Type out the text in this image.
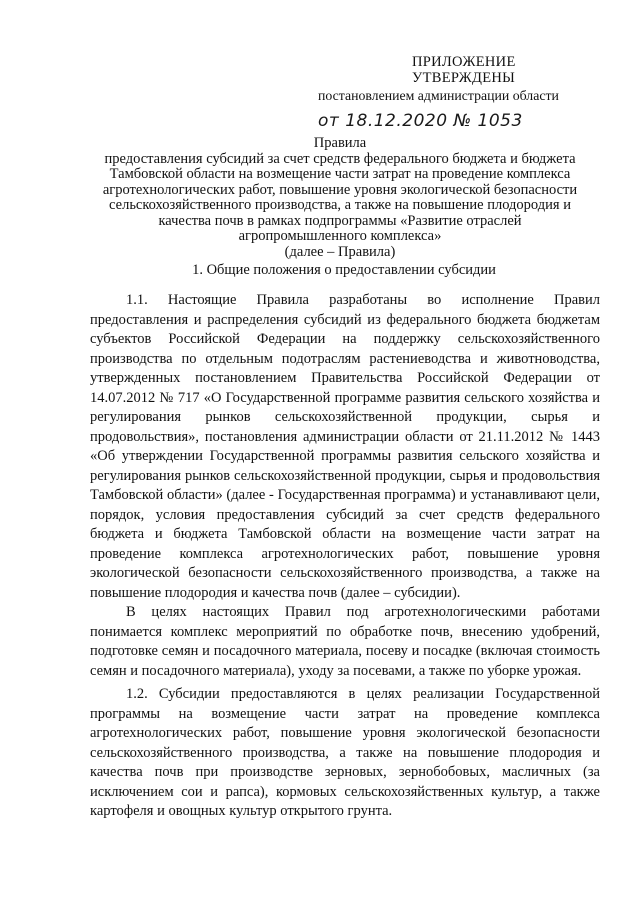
ПРИЛОЖЕНИЕ
УТВЕРЖДЕНЫ
постановлением администрации области
от 18.12.2020 № 1053
Правила
предоставления субсидий за счет средств федерального бюджета и бюджета
Тамбовской области на возмещение части затрат на проведение комплекса
агротехнологических работ, повышение уровня экологической безопасности
сельскохозяйственного производства, а также на повышение плодородия и
качества почв в рамках подпрограммы «Развитие отраслей
агропромышленного комплекса»
(далее – Правила)
1. Общие положения о предоставлении субсидии

1.1. Настоящие Правила разработаны во исполнение Правил предоставления и распределения субсидий из федерального бюджета бюджетам субъектов Российской Федерации на поддержку сельскохозяйственного производства по отдельным подотраслям растениеводства и животноводства, утвержденных постановлением Правительства Российской Федерации от 14.07.2012 № 717 «О Государственной программе развития сельского хозяйства и регулирования рынков сельскохозяйственной продукции, сырья и продовольствия», постановления администрации области от 21.11.2012 № 1443 «Об утверждении Государственной программы развития сельского хозяйства и регулирования рынков сельскохозяйственной продукции, сырья и продовольствия Тамбовской области» (далее - Государственная программа) и устанавливают цели, порядок, условия предоставления субсидий за счет средств федерального бюджета и бюджета Тамбовской области на возмещение части затрат на проведение комплекса агротехнологических работ, повышение уровня экологической безопасности сельскохозяйственного производства, а также на повышение плодородия и качества почв (далее – субсидии).

В целях настоящих Правил под агротехнологическими работами понимается комплекс мероприятий по обработке почв, внесению удобрений, подготовке семян и посадочного материала, посеву и посадке (включая стоимость семян и посадочного материала), уходу за посевами, а также по уборке урожая.

1.2. Субсидии предоставляются в целях реализации Государственной программы на возмещение части затрат на проведение комплекса агротехнологических работ, повышение уровня экологической безопасности сельскохозяйственного производства, а также на повышение плодородия и качества почв при производстве зерновых, зернобобовых, масличных (за исключением сои и рапса), кормовых сельскохозяйственных культур, а также картофеля и овощных культур открытого грунта.
